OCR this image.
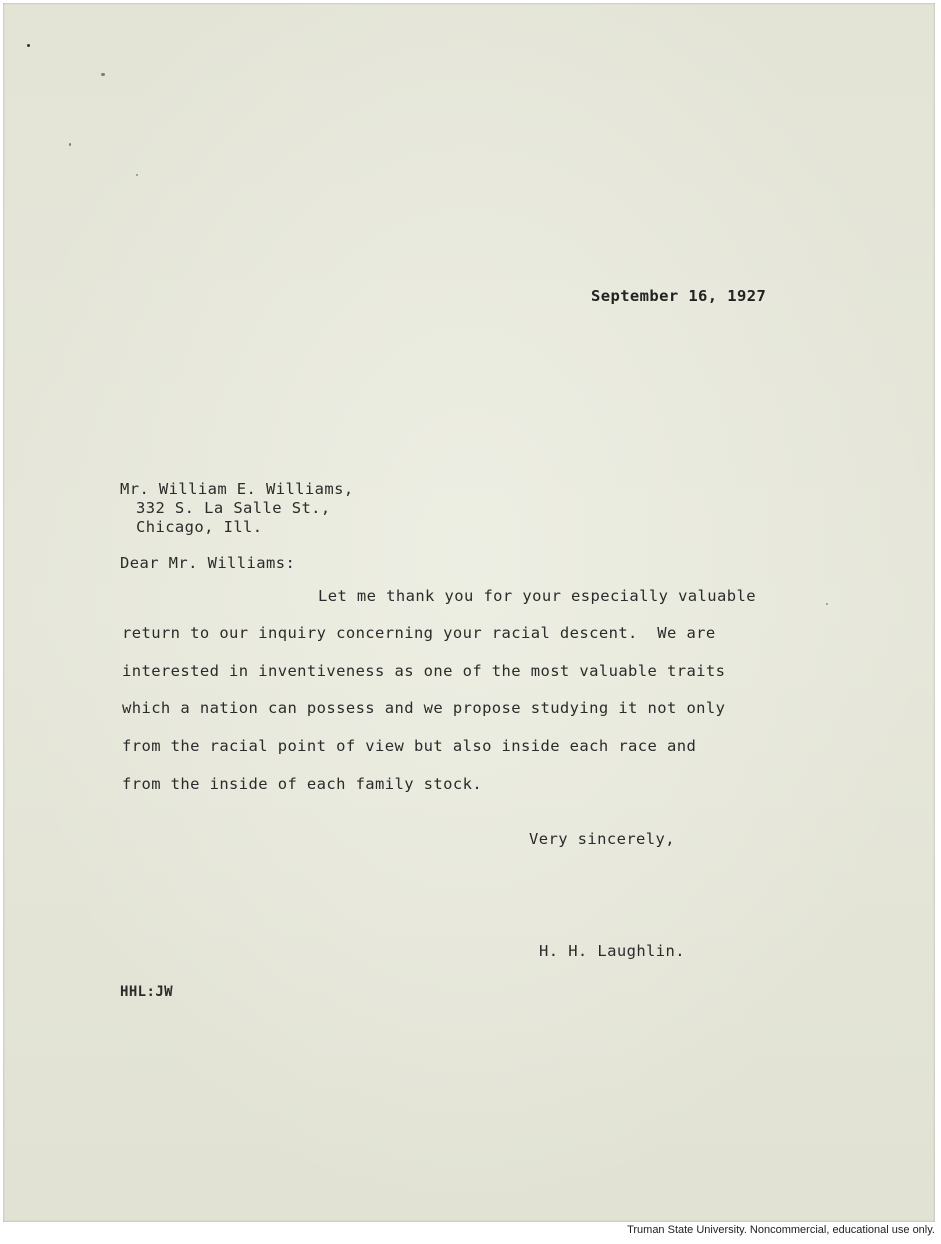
September 16, 1927

Mr. William E. Williams,

332 S. La Salle St.,

Chicago, Ill.

Dear Mr. Williams:

Let me thank you for your especially valuable

return to our inquiry concerning your racial descent.  We are

interested in inventiveness as one of the most valuable traits

which a nation can possess and we propose studying it not only

from the racial point of view but also inside each race and

from the inside of each family stock.

Very sincerely,

H. H. Laughlin.

HHL:JW

Truman State University. Noncommercial, educational use only.
